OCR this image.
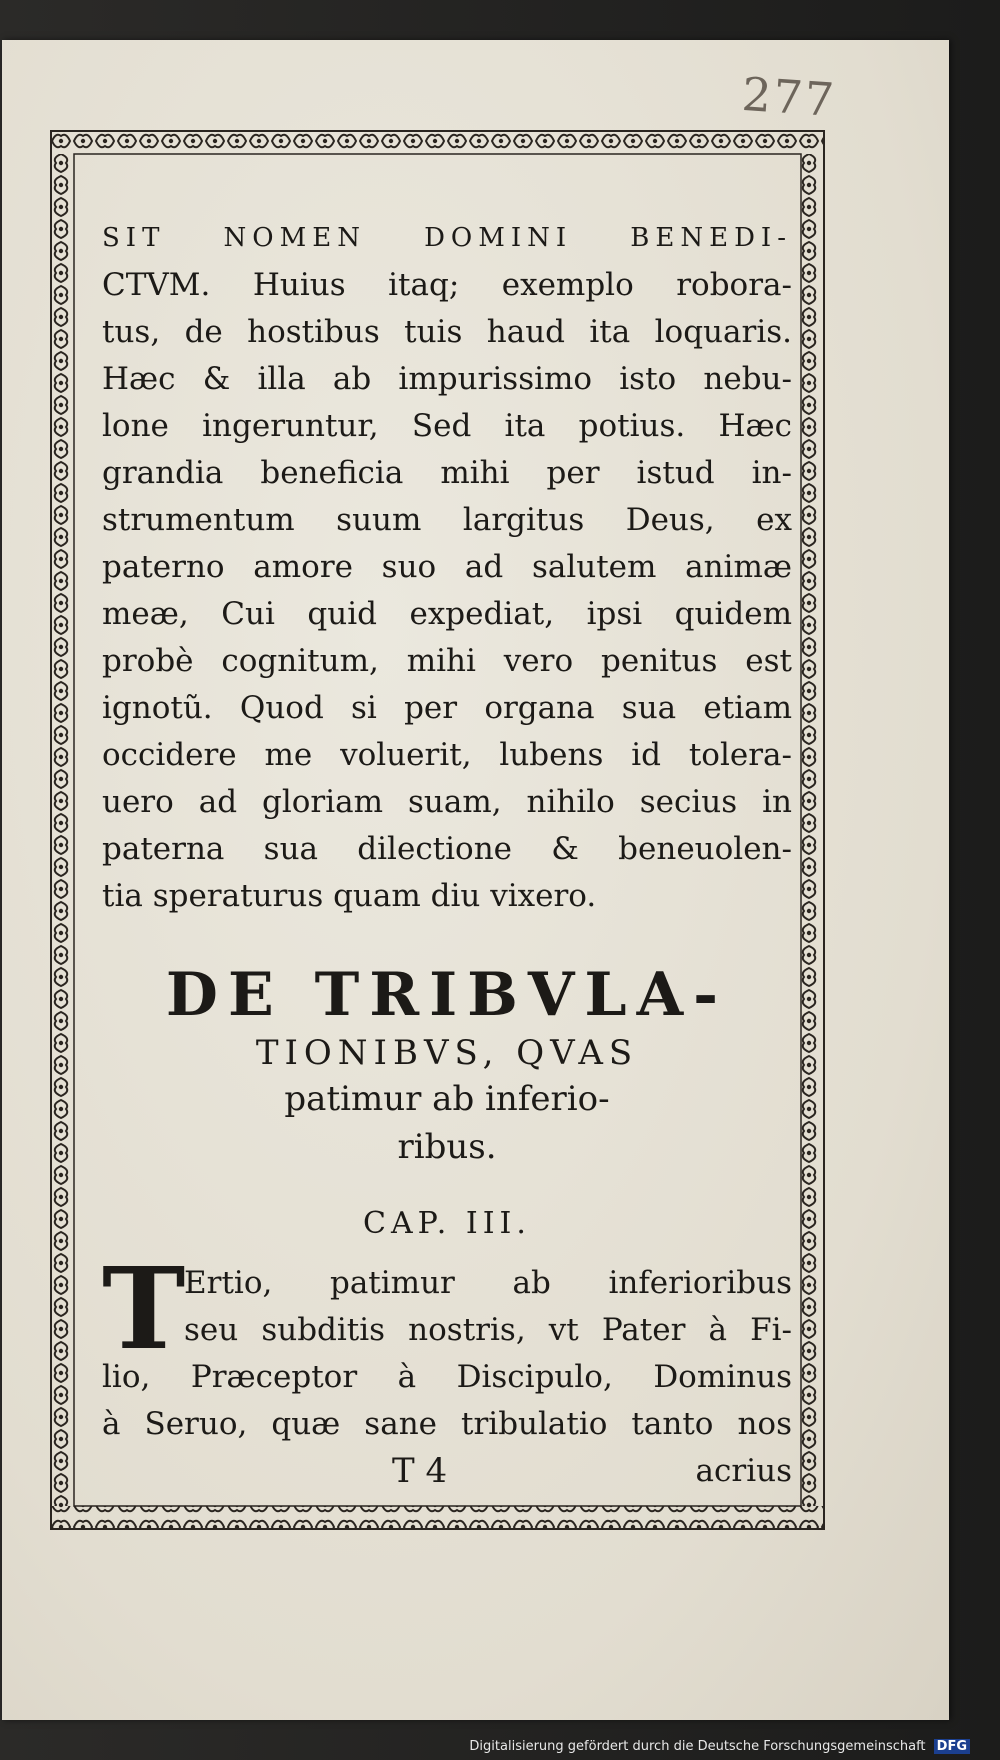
277
SIT NOMEN DOMINI BENEDI-
CTVM. Huius itaq; exemplo robora-
tus, de hostibus tuis haud ita loquaris.
Hæc & illa ab impurissimo isto nebu-
lone ingeruntur, Sed ita potius. Hæc
grandia beneficia mihi per istud in-
strumentum suum largitus Deus, ex
paterno amore suo ad salutem animæ
meæ, Cui quid expediat, ipsi quidem
probè cognitum, mihi vero penitus est
ignotũ. Quod si per organa sua etiam
occidere me voluerit, lubens id tolera-
uero ad gloriam suam, nihilo secius in
paterna sua dilectione & beneuolen-
tia speraturus quam diu vixero.
DE TRIBVLA-
TIONIBVS, QVAS
patimur ab inferio-
ribus.
CAP. III.
T
Ertio, patimur ab inferioribus
seu subditis nostris, vt Pater à Fi-
lio, Præceptor à Discipulo, Dominus
à Seruo, quæ sane tribulatio tanto nos
T 4	acrius
Digitalisierung gefördert durch die Deutsche Forschungsgemeinschaft DFG
